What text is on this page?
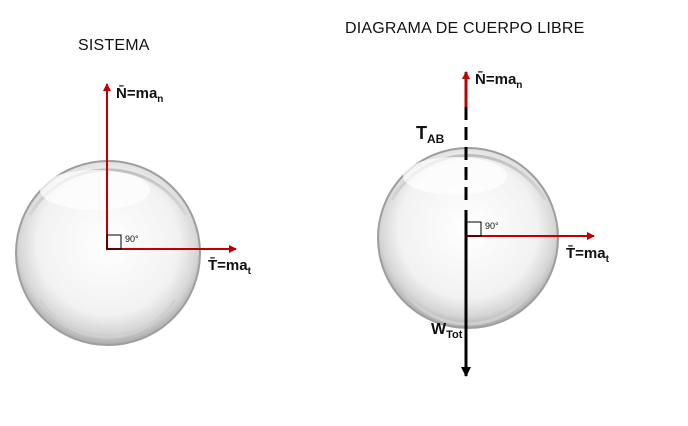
SISTEMA
DIAGRAMA DE CUERPO LIBRE
90°
$N̄=ma_n$
$T̄=ma_t$
90°
$N̄=ma_n$
$T_{AB}$
$T̄=ma_t$
$W_{Tot}$
